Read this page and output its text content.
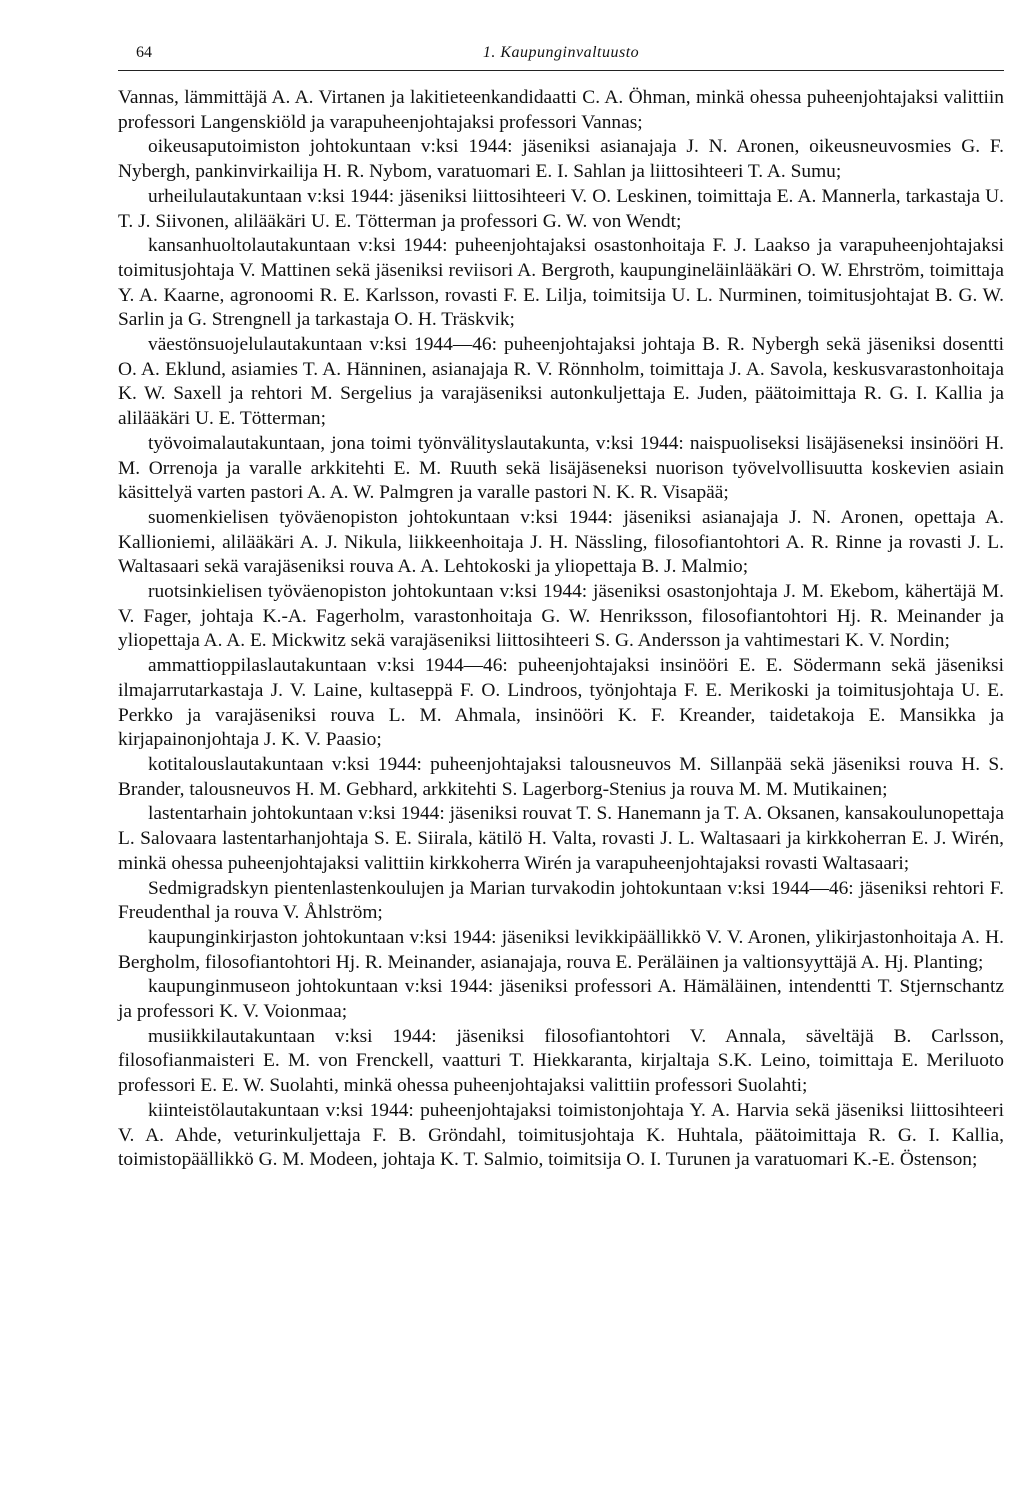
64	1. Kaupunginvaltuusto

Vannas, lämmittäjä A. A. Virtanen ja lakitieteenkandidaatti C. A. Öhman, minkä ohessa puheenjohtajaksi valittiin professori Langenskiöld ja varapuheenjohtajaksi professori Vannas;

oikeusaputoimiston johtokuntaan v:ksi 1944: jäseniksi asianajaja J. N. Aronen, oikeusneuvosmies G. F. Nybergh, pankinvirkailija H. R. Nybom, varatuomari E. I. Sahlan ja liittosihteeri T. A. Sumu;

urheilulautakuntaan v:ksi 1944: jäseniksi liittosihteeri V. O. Leskinen, toimittaja E. A. Mannerla, tarkastaja U. T. J. Siivonen, alilääkäri U. E. Tötterman ja professori G. W. von Wendt;

kansanhuoltolautakuntaan v:ksi 1944: puheenjohtajaksi osastonhoitaja F. J. Laakso ja varapuheenjohtajaksi toimitusjohtaja V. Mattinen sekä jäseniksi reviisori A. Bergroth, kaupungineläinlääkäri O. W. Ehrström, toimittaja Y. A. Kaarne, agronoomi R. E. Karlsson, rovasti F. E. Lilja, toimitsija U. L. Nurminen, toimitusjohtajat B. G. W. Sarlin ja G. Strengnell ja tarkastaja O. H. Träskvik;

väestönsuojelulautakuntaan v:ksi 1944—46: puheenjohtajaksi johtaja B. R. Nybergh sekä jäseniksi dosentti O. A. Eklund, asiamies T. A. Hänninen, asianajaja R. V. Rönnholm, toimittaja J. A. Savola, keskusvarastonhoitaja K. W. Saxell ja rehtori M. Sergelius ja varajäseniksi autonkuljettaja E. Juden, päätoimittaja R. G. I. Kallia ja alilääkäri U. E. Tötterman;

työvoimalautakuntaan, jona toimi työnvälityslautakunta, v:ksi 1944: naispuoliseksi lisäjäseneksi insinööri H. M. Orrenoja ja varalle arkkitehti E. M. Ruuth sekä lisäjäseneksi nuorison työvelvollisuutta koskevien asiain käsittelyä varten pastori A. A. W. Palmgren ja varalle pastori N. K. R. Visapää;

suomenkielisen työväenopiston johtokuntaan v:ksi 1944: jäseniksi asianajaja J. N. Aronen, opettaja A. Kallioniemi, alilääkäri A. J. Nikula, liikkeenhoitaja J. H. Nässling, filosofiantohtori A. R. Rinne ja rovasti J. L. Waltasaari sekä varajäseniksi rouva A. A. Lehtokoski ja yliopettaja B. J. Malmio;

ruotsinkielisen työväenopiston johtokuntaan v:ksi 1944: jäseniksi osastonjohtaja J. M. Ekebom, kähertäjä M. V. Fager, johtaja K.-A. Fagerholm, varastonhoitaja G. W. Henriksson, filosofiantohtori Hj. R. Meinander ja yliopettaja A. A. E. Mickwitz sekä varajäseniksi liittosihteeri S. G. Andersson ja vahtimestari K. V. Nordin;

ammattioppilaslautakuntaan v:ksi 1944—46: puheenjohtajaksi insinööri E. E. Södermann sekä jäseniksi ilmajarrutarkastaja J. V. Laine, kultaseppä F. O. Lindroos, työnjohtaja F. E. Merikoski ja toimitusjohtaja U. E. Perkko ja varajäseniksi rouva L. M. Ahmala, insinööri K. F. Kreander, taidetakoja E. Mansikka ja kirjapainonjohtaja J. K. V. Paasio;

kotitalouslautakuntaan v:ksi 1944: puheenjohtajaksi talousneuvos M. Sillanpää sekä jäseniksi rouva H. S. Brander, talousneuvos H. M. Gebhard, arkkitehti S. Lagerborg-Stenius ja rouva M. M. Mutikainen;

lastentarhain johtokuntaan v:ksi 1944: jäseniksi rouvat T. S. Hanemann ja T. A. Oksanen, kansakoulunopettaja L. Salovaara lastentarhanjohtaja S. E. Siirala, kätilö H. Valta, rovasti J. L. Waltasaari ja kirkkoherran E. J. Wirén, minkä ohessa puheenjohtajaksi valittiin kirkkoherra Wirén ja varapuheenjohtajaksi rovasti Waltasaari;

Sedmigradskyn pientenlastenkoulujen ja Marian turvakodin johtokuntaan v:ksi 1944—46: jäseniksi rehtori F. Freudenthal ja rouva V. Åhlström;

kaupunginkirjaston johtokuntaan v:ksi 1944: jäseniksi levikkipäällikkö V. V. Aronen, ylikirjastonhoitaja A. H. Bergholm, filosofiantohtori Hj. R. Meinander, asianajaja, rouva E. Peräläinen ja valtionsyyttäjä A. Hj. Planting;

kaupunginmuseon johtokuntaan v:ksi 1944: jäseniksi professori A. Hämäläinen, intendentti T. Stjernschantz ja professori K. V. Voionmaa;

musiikkilautakuntaan v:ksi 1944: jäseniksi filosofiantohtori V. Annala, säveltäjä B. Carlsson, filosofianmaisteri E. M. von Frenckell, vaatturi T. Hiekkaranta, kirjaltaja S.K. Leino, toimittaja E. Meriluoto professori E. E. W. Suolahti, minkä ohessa puheenjohtajaksi valittiin professori Suolahti;

kiinteistölautakuntaan v:ksi 1944: puheenjohtajaksi toimistonjohtaja Y. A. Harvia sekä jäseniksi liittosihteeri V. A. Ahde, veturinkuljettaja F. B. Gröndahl, toimitusjohtaja K. Huhtala, päätoimittaja R. G. I. Kallia, toimistopäällikkö G. M. Modeen, johtaja K. T. Salmio, toimitsija O. I. Turunen ja varatuomari K.-E. Östenson;
